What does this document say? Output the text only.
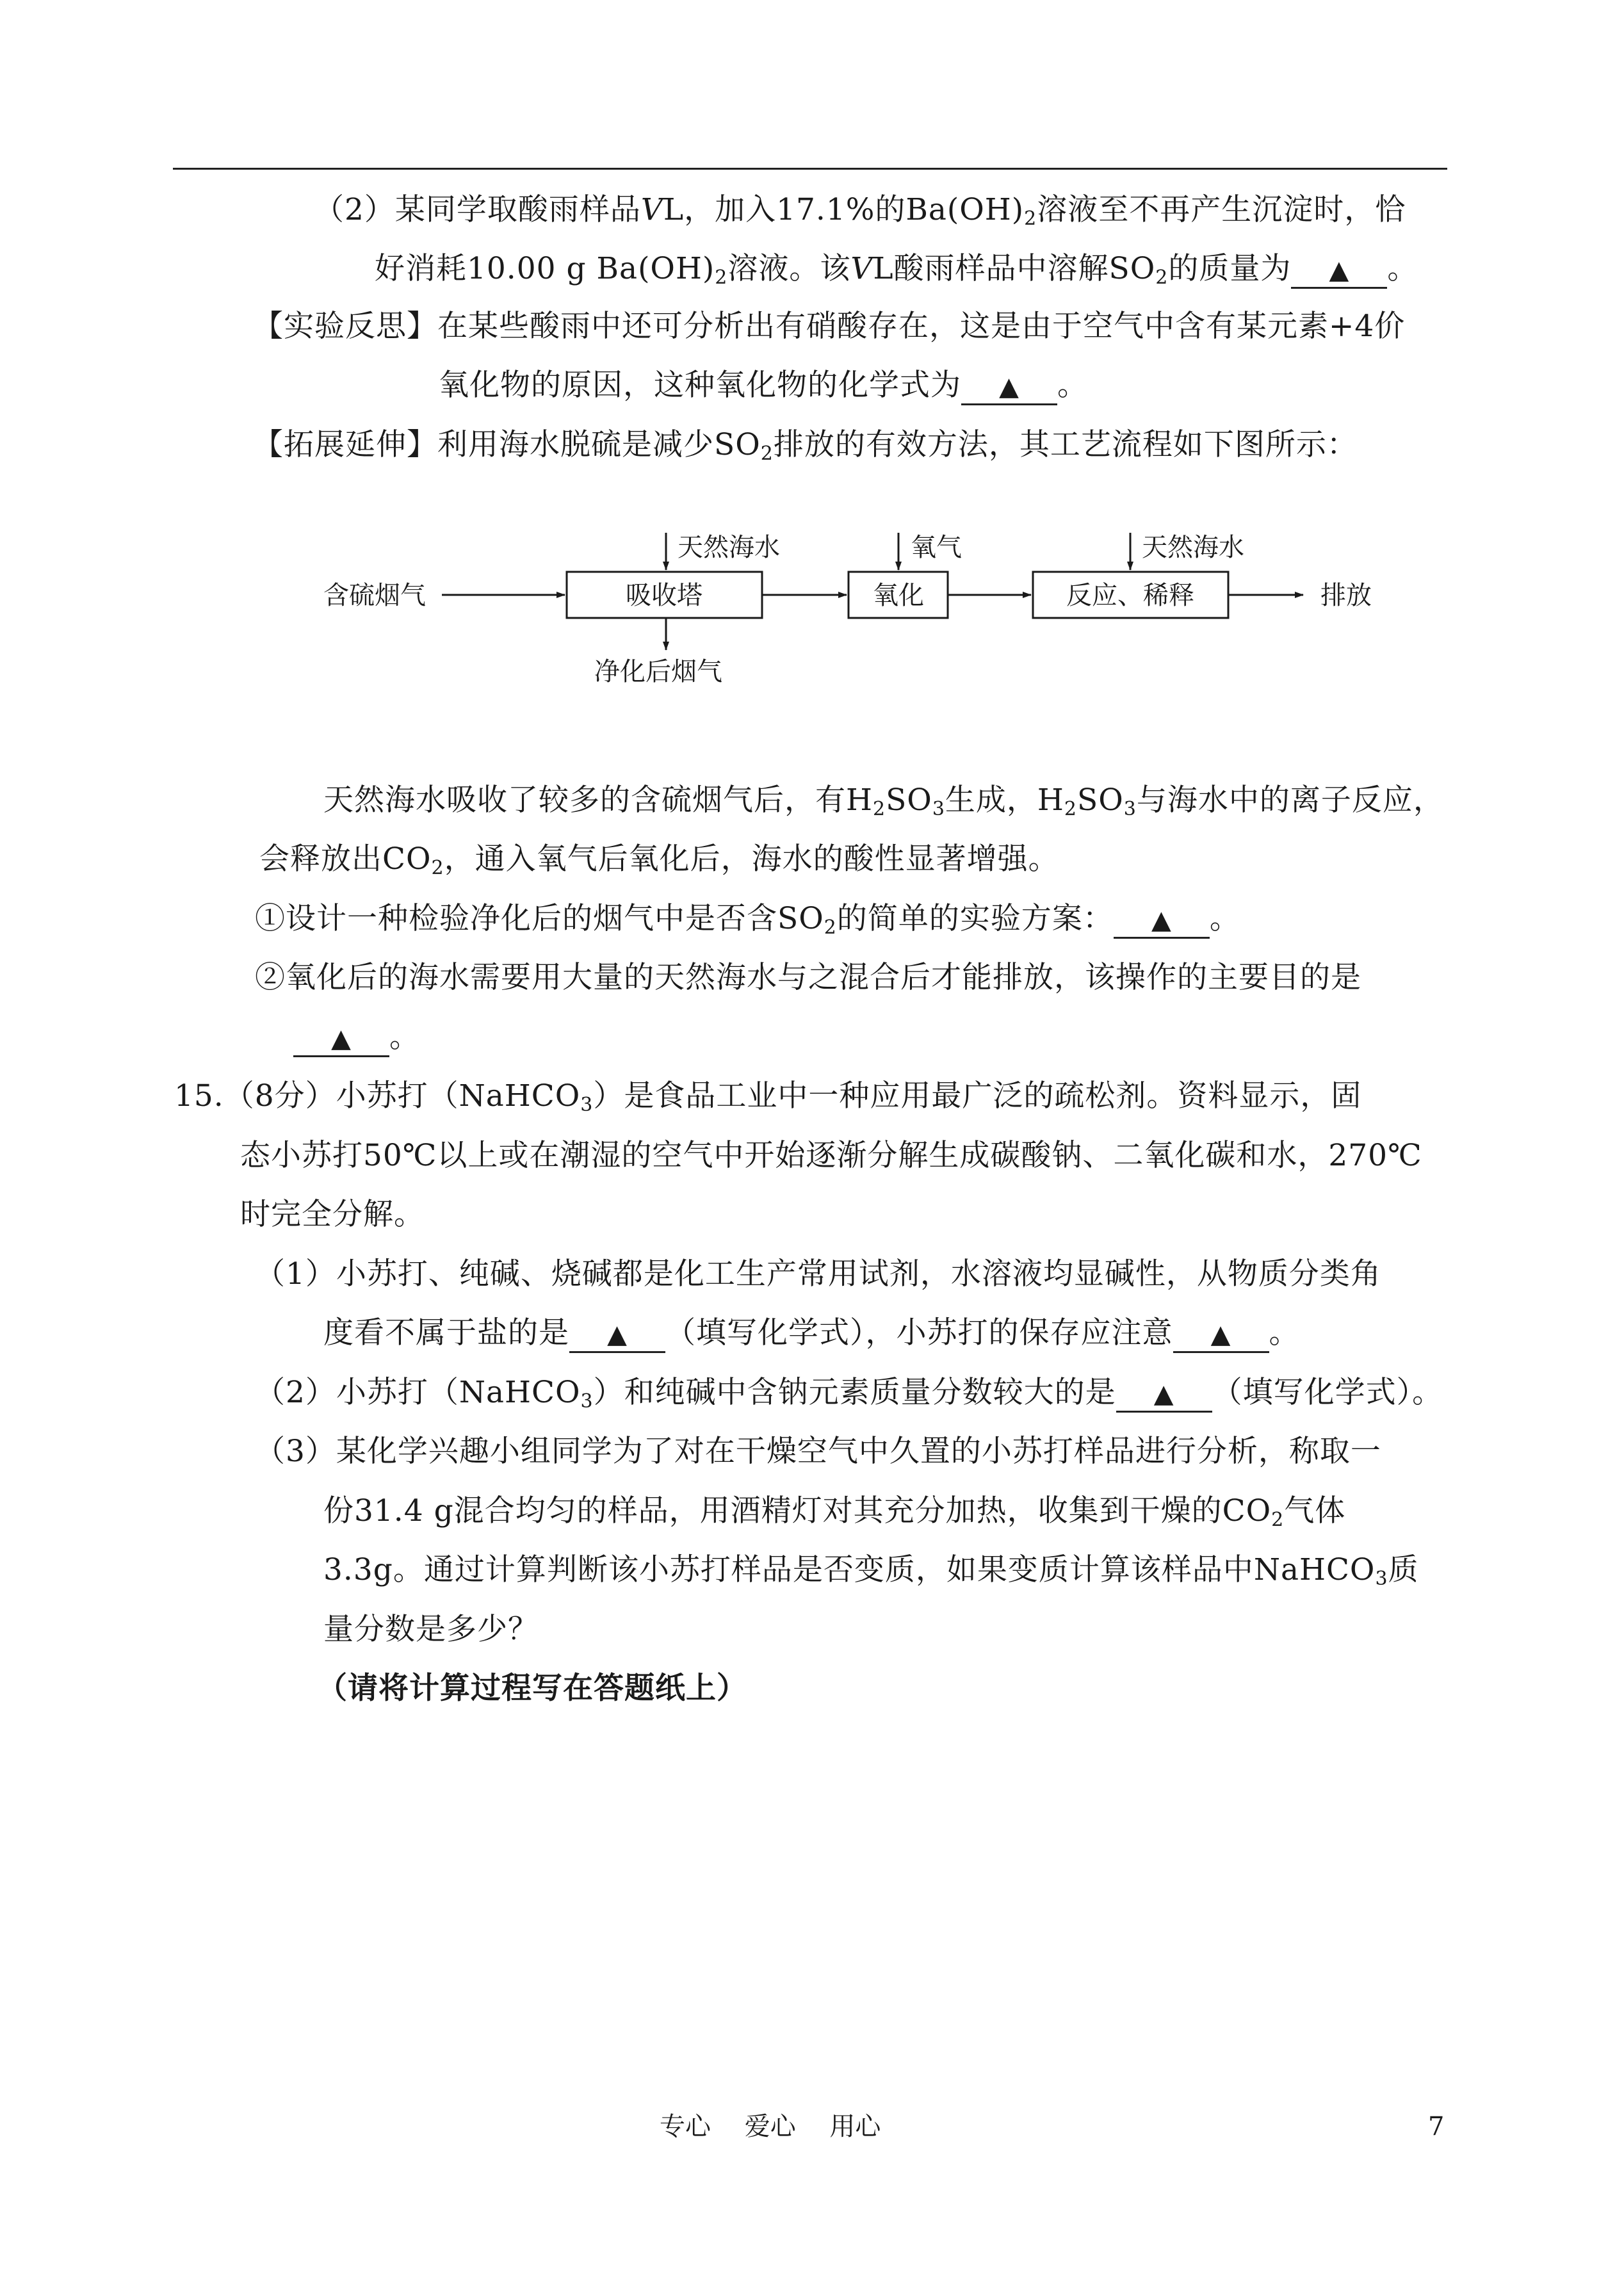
（2）某同学取酸雨样品VL，加入17.1%的$Ba(OH)_2$溶液至不再产生沉淀时，恰
好消耗10.00 g $Ba(OH)_2$溶液。该VL酸雨样品中溶解$SO_2$的质量为 ▲ 。
【实验反思】在某些酸雨中还可分析出有硝酸存在，这是由于空气中含有某元素+4价
氧化物的原因，这种氧化物的化学式为 ▲ 。
【拓展延伸】利用海水脱硫是减少$SO_2$排放的有效方法，其工艺流程如下图所示：
含硫烟气	吸收塔	氧化	反应、稀释	排放
天然海水	氧气	天然海水
净化后烟气
天然海水吸收了较多的含硫烟气后，有$H_2SO_3$生成，$H_2SO_3$与海水中的离子反应，
会释放出$CO_2$，通入氧气后氧化后，海水的酸性显著增强。
①设计一种检验净化后的烟气中是否含$SO_2$的简单的实验方案： ▲ 。
②氧化后的海水需要用大量的天然海水与之混合后才能排放，该操作的主要目的是
▲ 。
15.（8分）小苏打（NaHCO$_3$）是食品工业中一种应用最广泛的疏松剂。资料显示，固
态小苏打50℃以上或在潮湿的空气中开始逐渐分解生成碳酸钠、二氧化碳和水，270℃
时完全分解。
（1）小苏打、纯碱、烧碱都是化工生产常用试剂，水溶液均显碱性，从物质分类角
度看不属于盐的是 ▲ （填写化学式），小苏打的保存应注意 ▲ 。
（2）小苏打（NaHCO$_3$）和纯碱中含钠元素质量分数较大的是 ▲ （填写化学式）。
（3）某化学兴趣小组同学为了对在干燥空气中久置的小苏打样品进行分析，称取一
份31.4 g混合均匀的样品，用酒精灯对其充分加热，收集到干燥的$CO_2$气体
3.3g。通过计算判断该小苏打样品是否变质，如果变质计算该样品中NaHCO$_3$质
量分数是多少？
（请将计算过程写在答题纸上）
专心　 爱心　 用心	7
